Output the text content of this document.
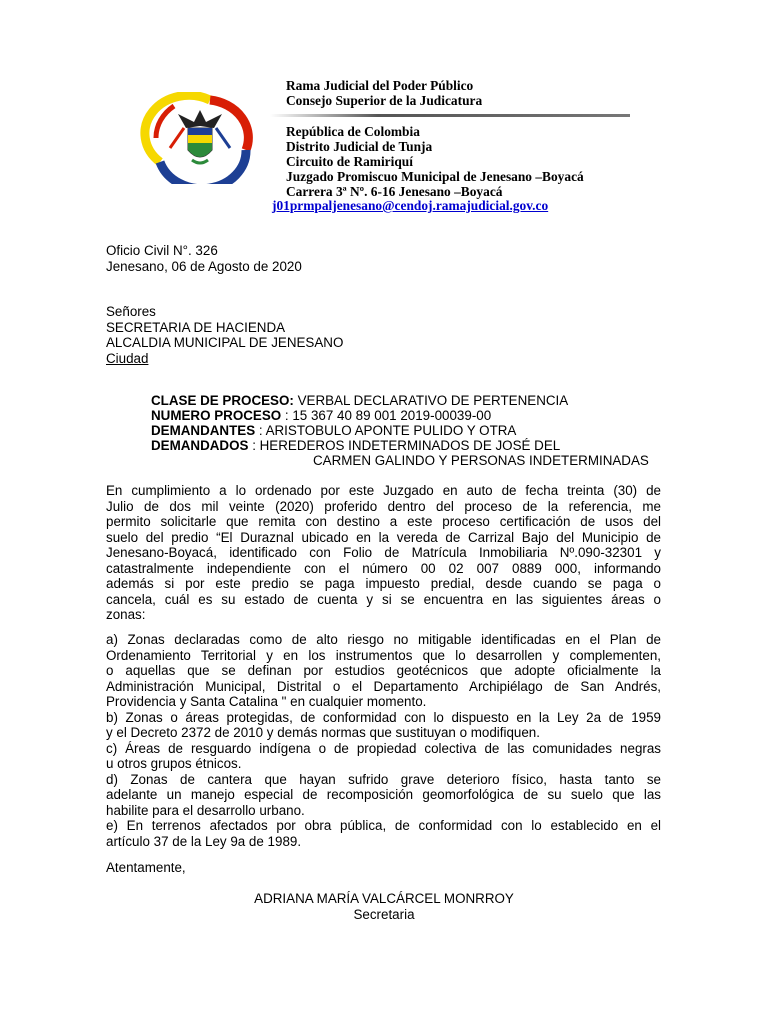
Rama Judicial del Poder Público
Consejo Superior de la Judicatura
República de Colombia
Distrito Judicial de Tunja
Circuito de Ramiriquí
Juzgado Promiscuo Municipal de Jenesano –Boyacá
Carrera 3ª Nº. 6-16 Jenesano –Boyacá
j01prmpaljenesano@cendoj.ramajudicial.gov.co
Oficio Civil N°. 326
Jenesano, 06 de Agosto de 2020
Señores
SECRETARIA DE HACIENDA
ALCALDIA MUNICIPAL DE JENESANO
Ciudad
CLASE DE PROCESO: VERBAL DECLARATIVO DE PERTENENCIA
NUMERO PROCESO : 15 367 40 89 001 2019-00039-00
DEMANDANTES : ARISTOBULO APONTE PULIDO Y OTRA
DEMANDADOS : HEREDEROS INDETERMINADOS DE JOSÉ DEL
CARMEN GALINDO Y PERSONAS INDETERMINADAS
En cumplimiento a lo ordenado por este Juzgado en auto de fecha treinta (30) de
Julio de dos mil veinte (2020) proferido dentro del proceso de la referencia, me
permito solicitarle que remita con destino a este proceso certificación de usos del
suelo del predio “El Duraznal ubicado en la vereda de Carrizal Bajo del Municipio de
Jenesano-Boyacá, identificado con Folio de Matrícula Inmobiliaria Nº.090-32301 y
catastralmente independiente con el número 00 02 007 0889 000, informando
además si por este predio se paga impuesto predial, desde cuando se paga o
cancela, cuál es su estado de cuenta y si se encuentra en las siguientes áreas o
zonas:
a) Zonas declaradas como de alto riesgo no mitigable identificadas en el Plan de
Ordenamiento Territorial y en los instrumentos que lo desarrollen y complementen,
o aquellas que se definan por estudios geotécnicos que adopte oficialmente la
Administración Municipal, Distrital o el Departamento Archipiélago de San Andrés,
Providencia y Santa Catalina " en cualquier momento.
b) Zonas o áreas protegidas, de conformidad con lo dispuesto en la Ley 2a de 1959
y el Decreto 2372 de 2010 y demás normas que sustituyan o modifiquen.
c) Áreas de resguardo indígena o de propiedad colectiva de las comunidades negras
u otros grupos étnicos.
d) Zonas de cantera que hayan sufrido grave deterioro físico, hasta tanto se
adelante un manejo especial de recomposición geomorfológica de su suelo que las
habilite para el desarrollo urbano.
e) En terrenos afectados por obra pública, de conformidad con lo establecido en el
artículo 37 de la Ley 9a de 1989.
Atentamente,
ADRIANA MARÍA VALCÁRCEL MONRROY
Secretaria
